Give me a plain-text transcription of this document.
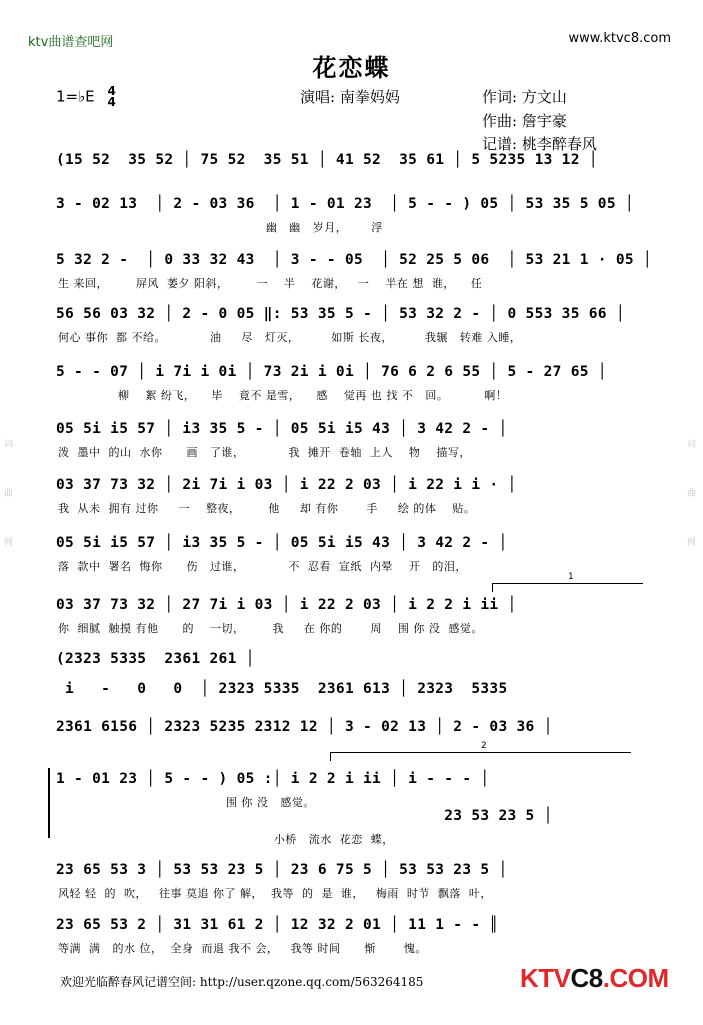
词曲网	词曲网
ktv曲谱查吧网	www.ktvc8.com
花恋蝶
1=♭E 4
4	演唱: 南拳妈妈	作词: 方文山
作曲: 詹宇豪
记谱: 桃李醉春风
(15 52  35 52 │ 75 52  35 51 │ 41 52  35 61 │ 5 5235 13 12 │
3 - 02 13  │ 2 - 03 36  │ 1 - 01 23  │ 5 - - ) 05 │ 53 35 5 05 │
幽   幽   岁月，      浮
5 32 2 -  │ 0 33 32 43  │ 3 - - 05  │ 52 25 5 06  │ 53 21 1 · 05 │
生 来回，       屏风  萎夕 阳斜，       一    半    花谢，   一    半在 想  谁，    任
56 56 03 32 │ 2 - 0 05 ‖: 53 35 5 - │ 53 32 2 - │ 0 553 35 66 │
何心 事你  都 不给。           油     尽   灯灭，        如斯 长夜，        我辗   转难 入睡，
5 - - 07 │ i 7i i 0i │ 73 2i i 0i │ 76 6 2 6 55 │ 5 - 27 65 │
柳    絮 纷飞，    毕    竟不 是雪，    感    觉再 也 找 不   回。         啊！
05 5i i5 57 │ i3 35 5 - │ 05 5i i5 43 │ 3 42 2 - │
泼  墨中  的山  水你      画   了谁，           我  摊开  卷轴  上人    物    描写，
03 37 73 32 │ 2i 7i i 03 │ i 22 2 03 │ i 22 i i · │
我  从未  拥有 过你     一    整夜，       他     却 有你       手     绘 的体    贴。
05 5i i5 57 │ i3 35 5 - │ 05 5i i5 43 │ 3 42 2 - │
落  款中  署名  悔你      伤   过谁，           不  忍看  宣纸  内晕    开   的泪，
03 37 73 32 │ 27 7i i 03 │ i 22 2 03 │ i 2 2 i ii │
你  细腻  触摸 有他      的    一切，       我     在 你的       周    围 你 没  感觉。
(2323 5335  2361 261 │
i   -   0   0  │ 2323 5335  2361 613 │ 2323  5335
2361 6156 │ 2323 5235 2312 12 │ 3 - 02 13 │ 2 - 03 36 │
1 - 01 23 │ 5 - - ) 05 :│ i 2 2 i ii │ i - - - │
围 你 没   感觉。
23 53 23 5 │
小桥   流水  花恋  蝶，
23 65 53 3 │ 53 53 23 5 │ 23 6 75 5 │ 53 53 23 5 │
风轻 轻  的  吹，   往事 莫追 你了 解，  我等  的  是  谁，   梅雨  时节  飘落  叶，
23 65 53 2 │ 31 31 61 2 │ 12 32 2 01 │ 11 1 - - ║
等满  满   的水 位，  全身  而退 我不 会，   我等 时间      惭       愧。
1
2
欢迎光临醉春风记谱空间: http://user.qzone.qq.com/563264185	KTVC8.COM
